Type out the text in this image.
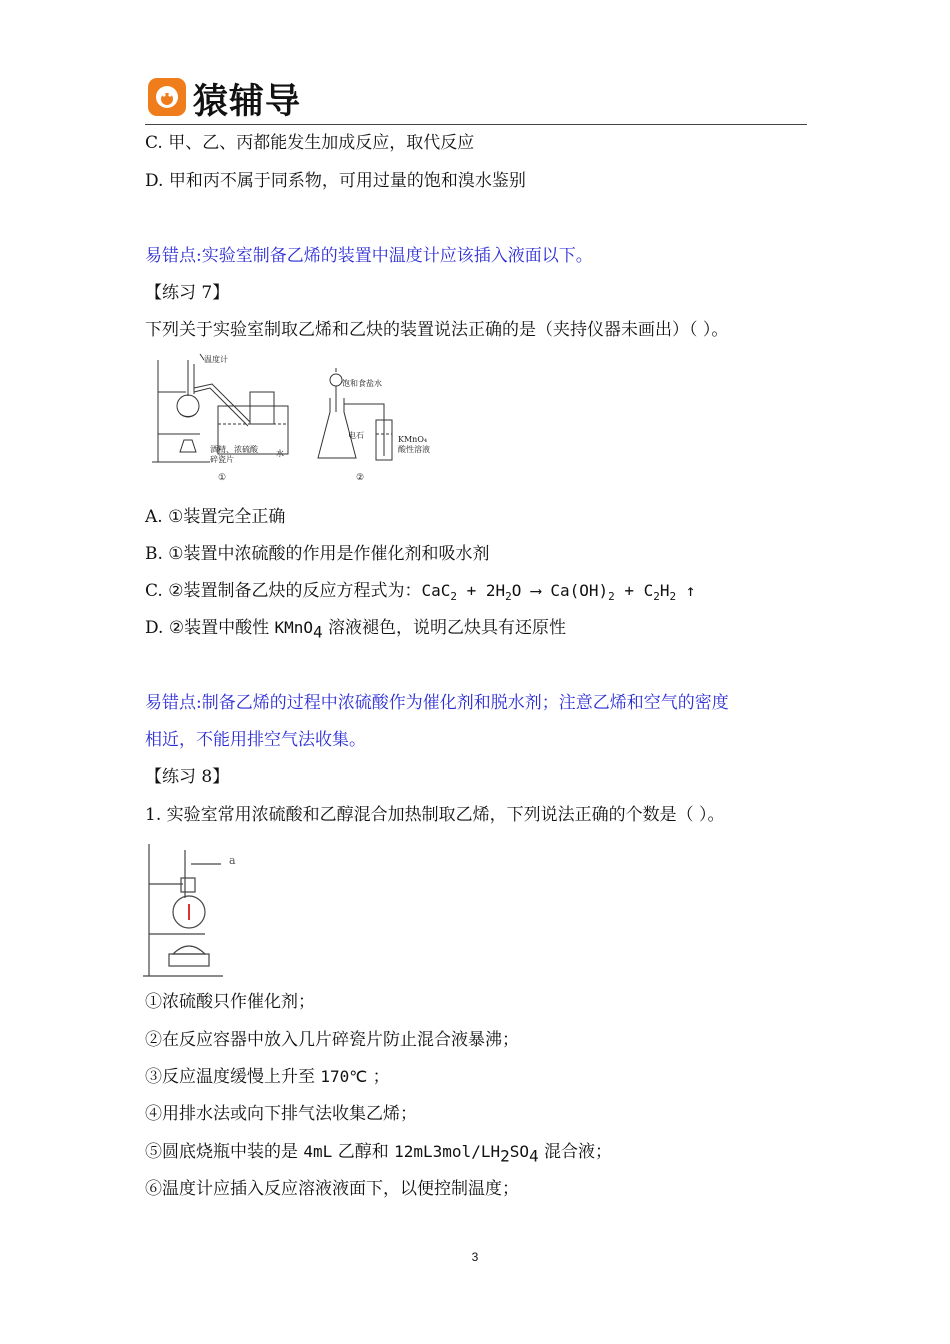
猿辅导
C. 甲、乙、丙都能发生加成反应，取代反应
D. 甲和丙不属于同系物，可用过量的饱和溴水鉴别
易错点:实验室制备乙烯的装置中温度计应该插入液面以下。
【练习 7】
下列关于实验室制取乙烯和乙炔的装置说法正确的是（夹持仪器未画出）（ ）。
温度计
酒精、浓硫酸
碎瓷片
水
①
饱和食盐水
电石	KMnO₄
酸性溶液
②
A. ①装置完全正确
B. ①装置中浓硫酸的作用是作催化剂和吸水剂
C. ②装置制备乙炔的反应方程式为：$CaC_2 + 2H_2O$ ⟶ $Ca(OH)_2 + C_2H_2$ ↑
D. ②装置中酸性 KMnO$_4$ 溶液褪色，说明乙炔具有还原性
易错点:制备乙烯的过程中浓硫酸作为催化剂和脱水剂；注意乙烯和空气的密度
相近，不能用排空气法收集。
【练习 8】
1. 实验室常用浓硫酸和乙醇混合加热制取乙烯，下列说法正确的个数是（ ）。
a
①浓硫酸只作催化剂；
②在反应容器中放入几片碎瓷片防止混合液暴沸；
③反应温度缓慢上升至 170℃ ；
④用排水法或向下排气法收集乙烯；
⑤圆底烧瓶中装的是 4mL 乙醇和 $12mL3mol/LH_2SO_4$ 混合液；
⑥温度计应插入反应溶液液面下，以便控制温度；
3
